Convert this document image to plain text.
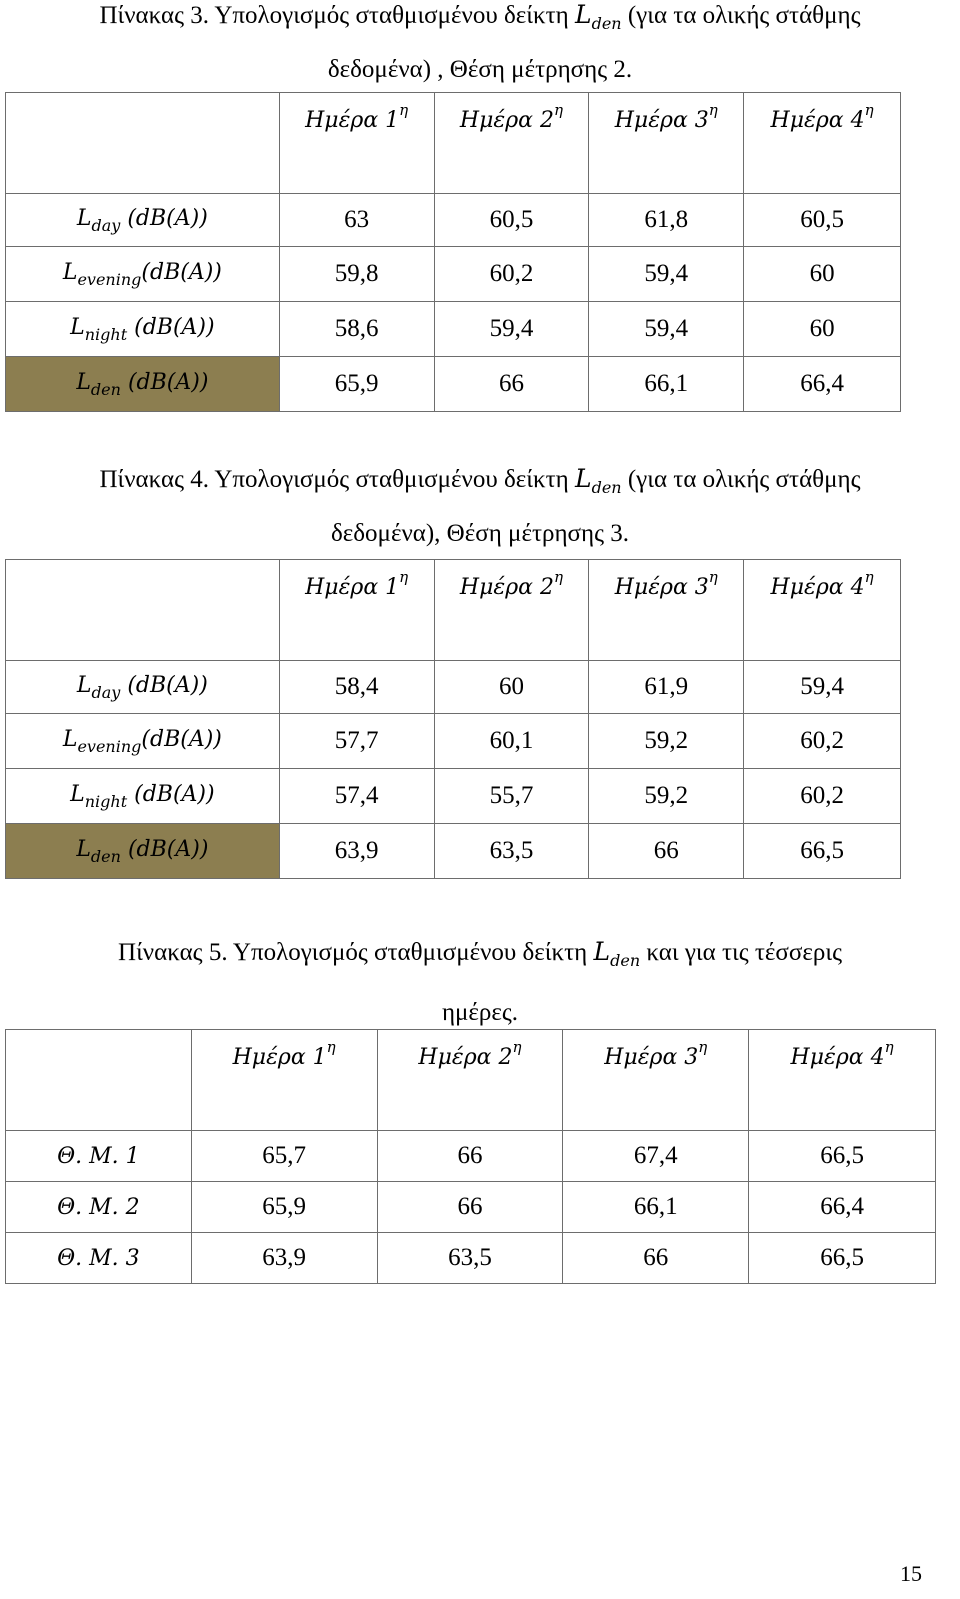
Πίνακας 3. Υπολογισμός σταθμισμένου δείκτη $L_{den}$ (για τα ολικής στάθμης
δεδομένα) , Θέση μέτρησης 2.
	Ημέρα $1^\eta$	Ημέρα $2^\eta$	Ημέρα $3^\eta$	Ημέρα $4^\eta$
$L_{day}$ (dB(A))	63	60,5	61,8	60,5
$L_{evening}(dB(A))$	59,8	60,2	59,4	60
$L_{night}$ (dB(A))	58,6	59,4	59,4	60
$L_{den}$ (dB(A))	65,9	66	66,1	66,4
Πίνακας 4. Υπολογισμός σταθμισμένου δείκτη $L_{den}$ (για τα ολικής στάθμης
δεδομένα), Θέση μέτρησης 3.
	Ημέρα $1^\eta$	Ημέρα $2^\eta$	Ημέρα $3^\eta$	Ημέρα $4^\eta$
$L_{day}$ (dB(A))	58,4	60	61,9	59,4
$L_{evening}(dB(A))$	57,7	60,1	59,2	60,2
$L_{night}$ (dB(A))	57,4	55,7	59,2	60,2
$L_{den}$ (dB(A))	63,9	63,5	66	66,5
Πίνακας 5. Υπολογισμός σταθμισμένου δείκτη $L_{den}$ και για τις τέσσερις
ημέρες.
	Ημέρα $1^\eta$	Ημέρα $2^\eta$	Ημέρα $3^\eta$	Ημέρα $4^\eta$
Θ. Μ. 1	65,7	66	67,4	66,5
Θ. Μ. 2	65,9	66	66,1	66,4
Θ. Μ. 3	63,9	63,5	66	66,5
15
